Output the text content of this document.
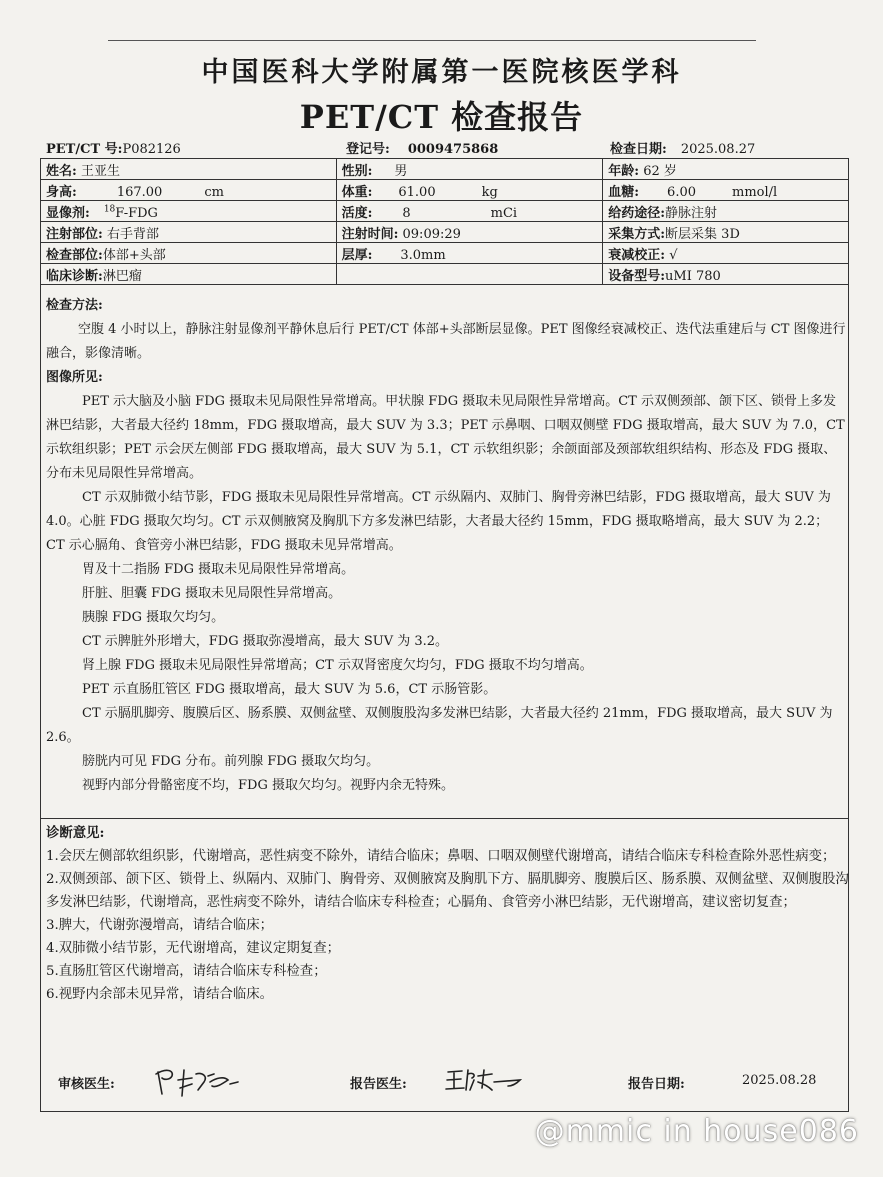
中国医科大学附属第一医院核医学科
PET/CT 检查报告
PET/CT 号:P082126	登记号: 0009475868	检查日期: 2025.08.27
姓名: 王亚生	性别: 男	年龄: 62 岁
身高: 167.00 cm	体重: 61.00 kg	血糖: 6.00 mmol/l
显像剂: $^{18}$F-FDG	活度: 8 mCi	给药途径:静脉注射
注射部位: 右手背部	注射时间: 09:09:29	采集方式:断层采集 3D
检查部位:体部+头部	层厚: 3.0mm	衰减校正: √
临床诊断:淋巴瘤		设备型号:uMI 780

检查方法:

空腹 4 小时以上，静脉注射显像剂平静休息后行 PET/CT 体部+头部断层显像。PET 图像经衰减校正、迭代法重建后与 CT 图像进行融合，影像清晰。

图像所见:

PET 示大脑及小脑 FDG 摄取未见局限性异常增高。甲状腺 FDG 摄取未见局限性异常增高。CT 示双侧颈部、颌下区、锁骨上多发淋巴结影，大者最大径约 18mm，FDG 摄取增高，最大 SUV 为 3.3；PET 示鼻咽、口咽双侧壁 FDG 摄取增高，最大 SUV 为 7.0，CT 示软组织影；PET 示会厌左侧部 FDG 摄取增高，最大 SUV 为 5.1，CT 示软组织影；余颌面部及颈部软组织结构、形态及 FDG 摄取、分布未见局限性异常增高。

CT 示双肺微小结节影，FDG 摄取未见局限性异常增高。CT 示纵隔内、双肺门、胸骨旁淋巴结影，FDG 摄取增高，最大 SUV 为 4.0。心脏 FDG 摄取欠均匀。CT 示双侧腋窝及胸肌下方多发淋巴结影，大者最大径约 15mm，FDG 摄取略增高，最大 SUV 为 2.2；CT 示心膈角、食管旁小淋巴结影，FDG 摄取未见异常增高。

胃及十二指肠 FDG 摄取未见局限性异常增高。

肝脏、胆囊 FDG 摄取未见局限性异常增高。

胰腺 FDG 摄取欠均匀。

CT 示脾脏外形增大，FDG 摄取弥漫增高，最大 SUV 为 3.2。

肾上腺 FDG 摄取未见局限性异常增高；CT 示双肾密度欠均匀，FDG 摄取不均匀增高。

PET 示直肠肛管区 FDG 摄取增高，最大 SUV 为 5.6，CT 示肠管影。

CT 示膈肌脚旁、腹膜后区、肠系膜、双侧盆壁、双侧腹股沟多发淋巴结影，大者最大径约 21mm，FDG 摄取增高，最大 SUV 为 2.6。

膀胱内可见 FDG 分布。前列腺 FDG 摄取欠均匀。

视野内部分骨骼密度不均，FDG 摄取欠均匀。视野内余无特殊。

诊断意见:

1.会厌左侧部软组织影，代谢增高，恶性病变不除外，请结合临床；鼻咽、口咽双侧壁代谢增高，请结合临床专科检查除外恶性病变；

2.双侧颈部、颌下区、锁骨上、纵隔内、双肺门、胸骨旁、双侧腋窝及胸肌下方、膈肌脚旁、腹膜后区、肠系膜、双侧盆壁、双侧腹股沟多发淋巴结影，代谢增高，恶性病变不除外，请结合临床专科检查；心膈角、食管旁小淋巴结影，无代谢增高，建议密切复查；

3.脾大，代谢弥漫增高，请结合临床；

4.双肺微小结节影，无代谢增高，建议定期复查；

5.直肠肛管区代谢增高，请结合临床专科检查；

6.视野内余部未见异常，请结合临床。

审核医生:	报告医生:	报告日期:	2025.08.28
@mmic in house086
